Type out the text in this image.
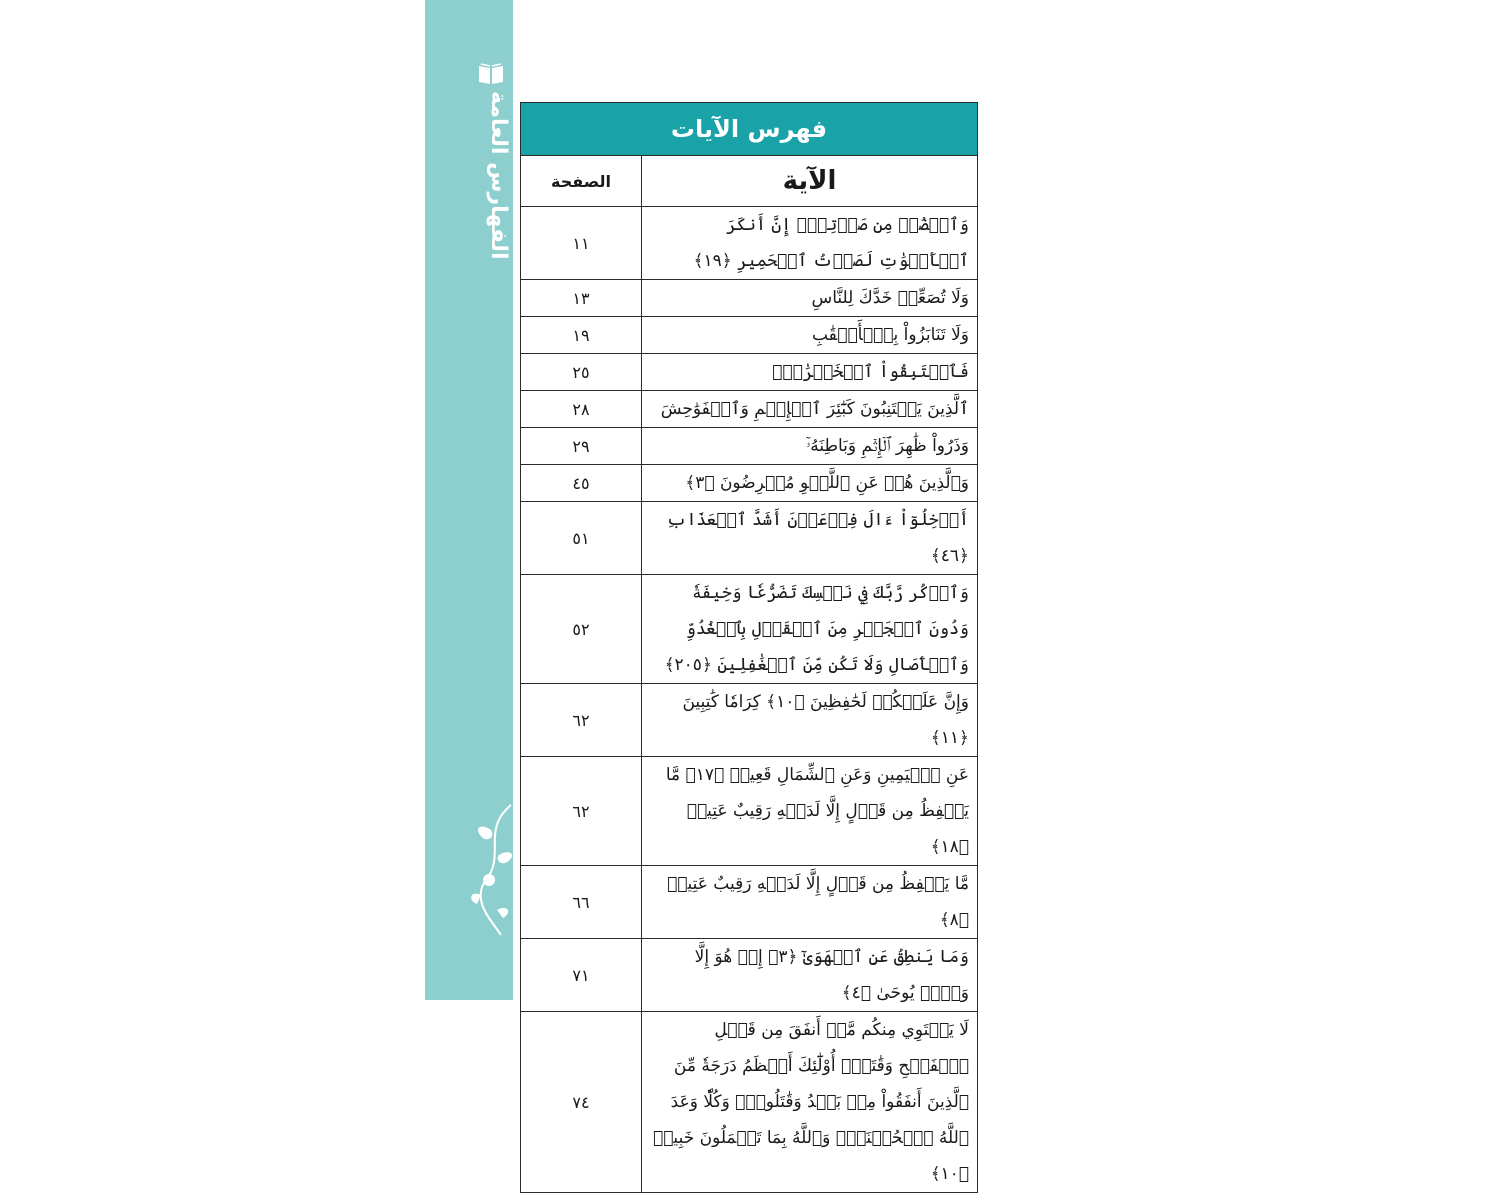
الفهارس العامة	فهرس الآيات	
الآية	الصفحة
وَٱغۡضُضۡ مِن صَوۡتِكَۚ إِنَّ أَنكَرَ ٱلۡأَصۡوَٰتِ لَصَوۡتُ ٱلۡحَمِيرِ ﴿١٩﴾	١١
وَلَا تُصَعِّرۡ خَدَّكَ لِلنَّاسِ	١٣
وَلَا تَنَابَزُواْ بِٱلۡأَلۡقَٰبِ	١٩
فَٱسۡتَبِقُواْ ٱلۡخَيۡرَٰتِۚ	٢٥
ٱلَّذِينَ يَجۡتَنِبُونَ كَبَٰٓئِرَ ٱلۡإِثۡمِ وَٱلۡفَوَٰحِشَ	٢٨
وَذَرُواْ ظَٰهِرَ ٱلۡإِثۡمِ وَبَاطِنَهُۥٓ	٢٩
وَٱلَّذِينَ هُمۡ عَنِ ٱللَّغۡوِ مُعۡرِضُونَ ﴿٣﴾	٤٥
أَدۡخِلُوٓاْ ءَالَ فِرۡعَوۡنَ أَشَدَّ ٱلۡعَذَابِ ﴿٤٦﴾	٥١
وَٱذۡكُر رَّبَّكَ فِي نَفۡسِكَ تَضَرُّعٗا وَخِيفَةٗ وَدُونَ ٱلۡجَهۡرِ مِنَ ٱلۡقَوۡلِ بِٱلۡغُدُوِّ وَٱلۡأٓصَالِ وَلَا تَكُن مِّنَ ٱلۡغَٰفِلِينَ ﴿٢٠٥﴾	٥٢
وَإِنَّ عَلَيۡكُمۡ لَحَٰفِظِينَ ﴿١٠﴾ كِرَامٗا كَٰتِبِينَ ﴿١١﴾	٦٢
عَنِ ٱلۡيَمِينِ وَعَنِ ٱلشِّمَالِ قَعِيدٞ ﴿١٧﴾ مَّا يَلۡفِظُ مِن قَوۡلٍ إِلَّا لَدَيۡهِ رَقِيبٌ عَتِيدٞ ﴿١٨﴾	٦٢
مَّا يَلۡفِظُ مِن قَوۡلٍ إِلَّا لَدَيۡهِ رَقِيبٌ عَتِيدٞ ﴿٨﴾	٦٦
وَمَا يَنطِقُ عَنِ ٱلۡهَوَىٰٓ ﴿٣﴾ إِنۡ هُوَ إِلَّا وَحۡيٞ يُوحَىٰ ﴿٤﴾	٧١
لَا يَسۡتَوِي مِنكُم مَّنۡ أَنفَقَ مِن قَبۡلِ ٱلۡفَتۡحِ وَقَٰتَلَۚ أُوْلَٰٓئِكَ أَعۡظَمُ دَرَجَةٗ مِّنَ ٱلَّذِينَ أَنفَقُواْ مِنۢ بَعۡدُ وَقَٰتَلُواْۚ وَكُلّٗا وَعَدَ ٱللَّهُ ٱلۡحُسۡنَىٰۚ وَٱللَّهُ بِمَا تَعۡمَلُونَ خَبِيرٞ ﴿١٠﴾	٧٤
